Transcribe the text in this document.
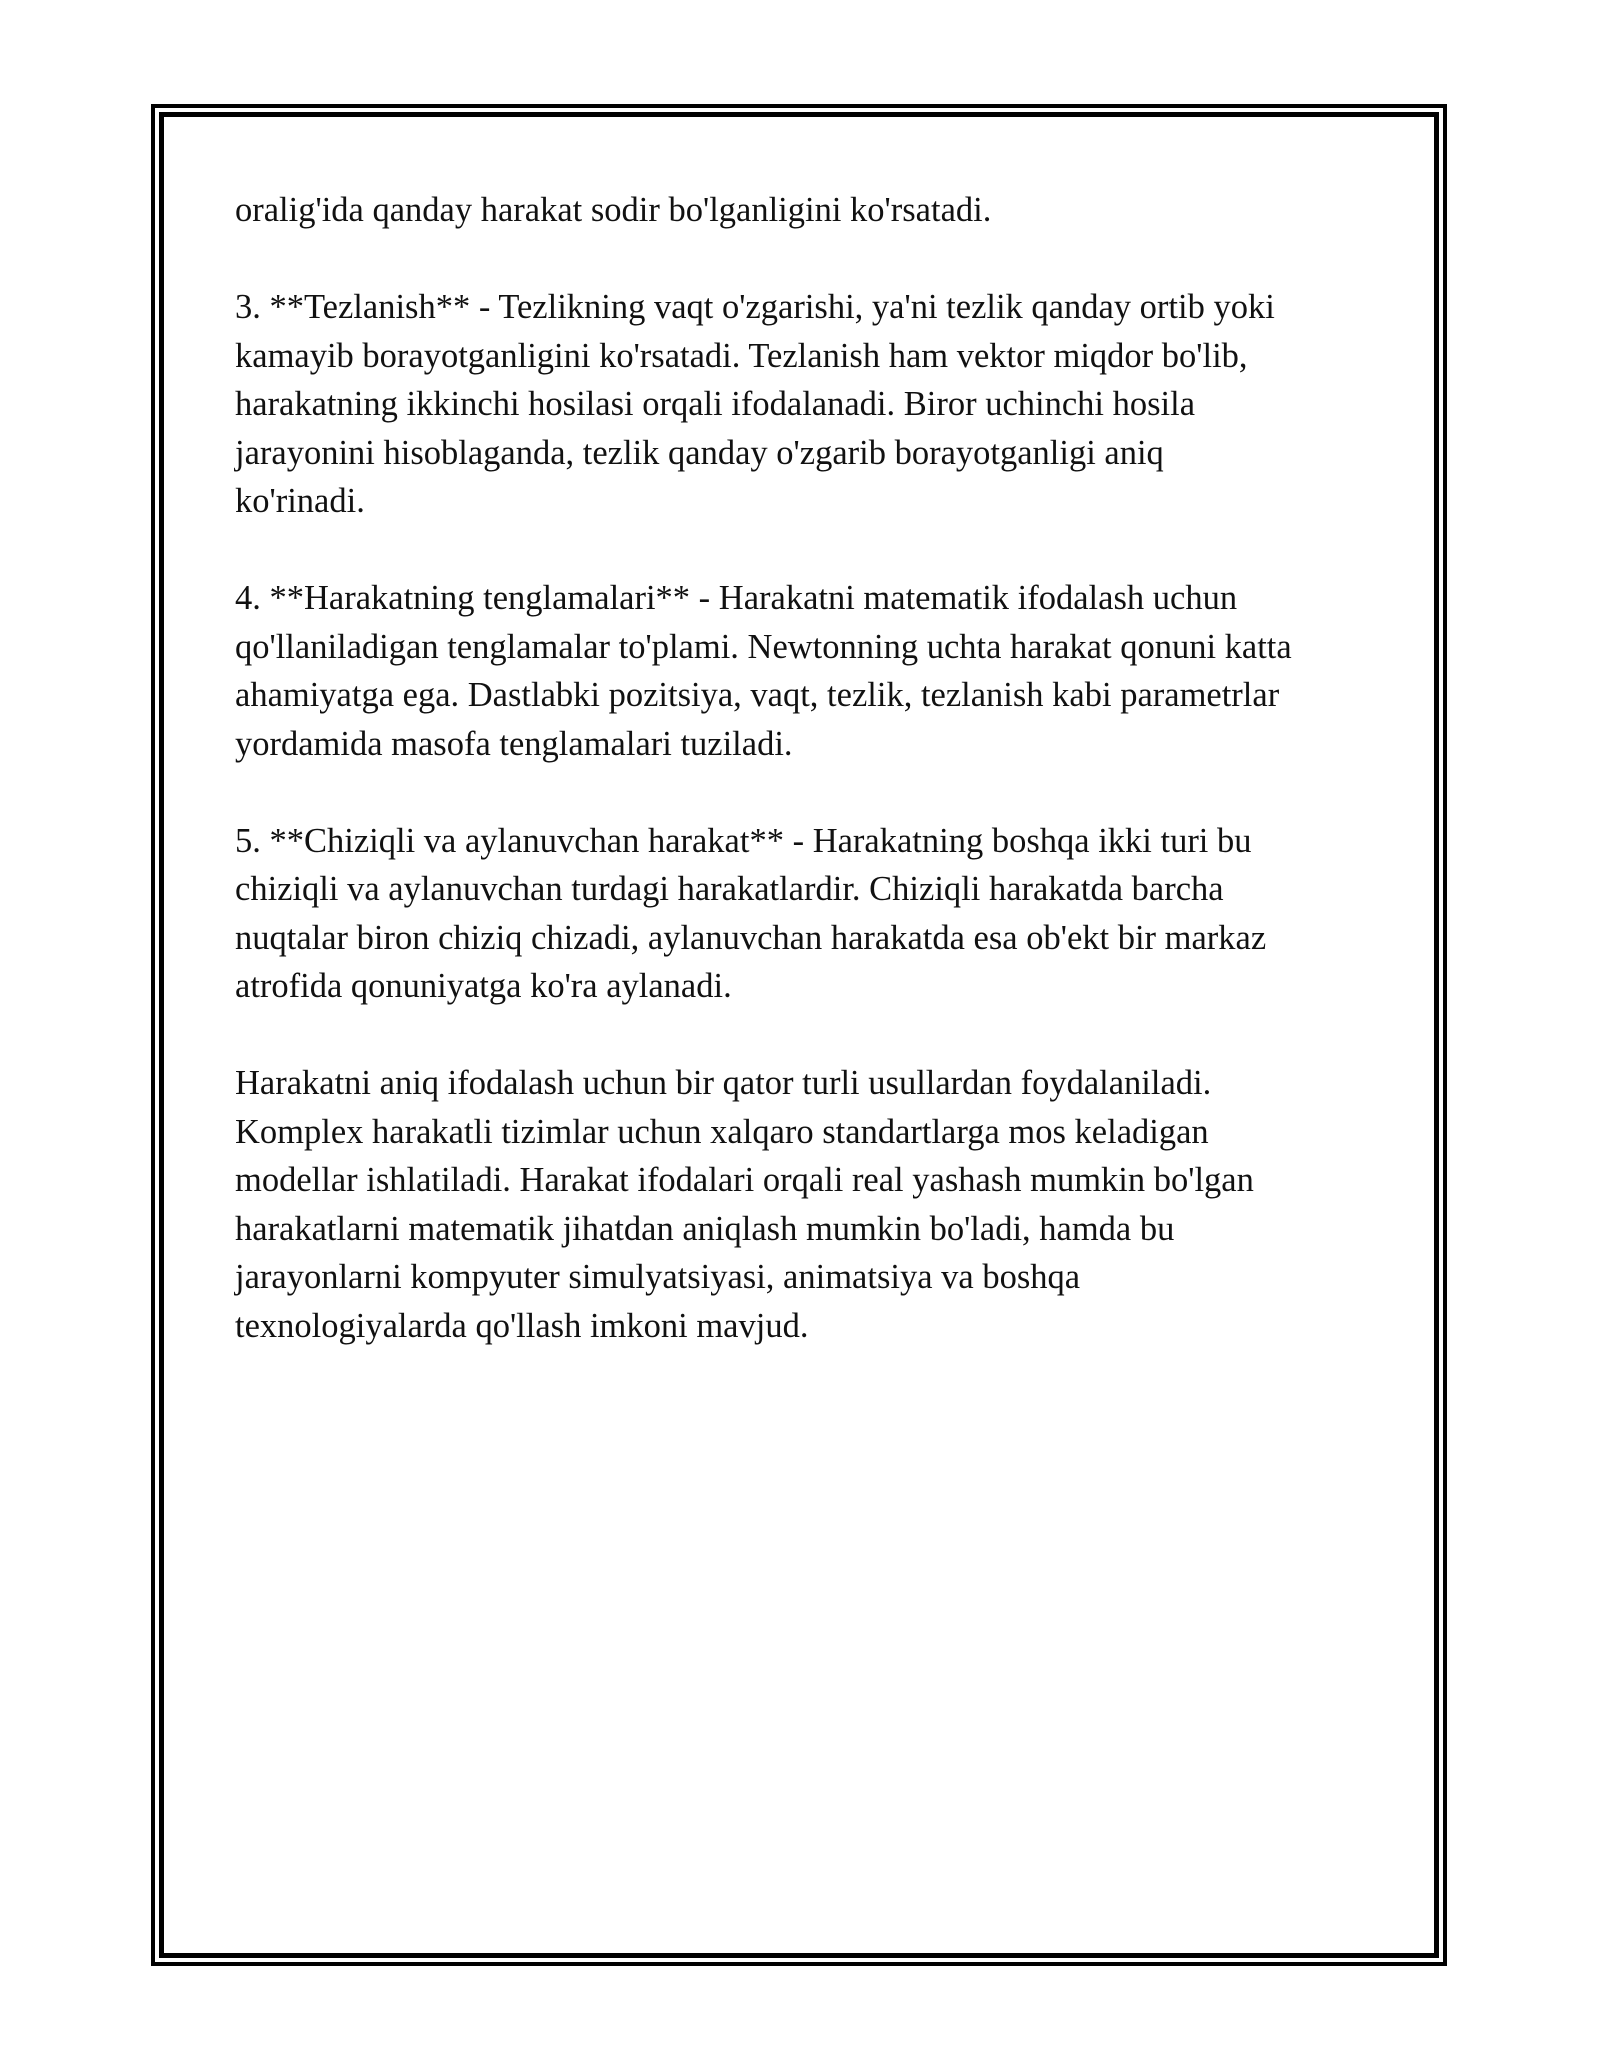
oralig'ida qanday harakat sodir bo'lganligini ko'rsatadi.

3. **Tezlanish** - Tezlikning vaqt o'zgarishi, ya'ni tezlik qanday ortib yoki
kamayib borayotganligini ko'rsatadi. Tezlanish ham vektor miqdor bo'lib,
harakatning ikkinchi hosilasi orqali ifodalanadi. Biror uchinchi hosila
jarayonini hisoblaganda, tezlik qanday o'zgarib borayotganligi aniq
ko'rinadi.

4. **Harakatning tenglamalari** - Harakatni matematik ifodalash uchun
qo'llaniladigan tenglamalar to'plami. Newtonning uchta harakat qonuni katta
ahamiyatga ega. Dastlabki pozitsiya, vaqt, tezlik, tezlanish kabi parametrlar
yordamida masofa tenglamalari tuziladi.

5. **Chiziqli va aylanuvchan harakat** - Harakatning boshqa ikki turi bu
chiziqli va aylanuvchan turdagi harakatlardir. Chiziqli harakatda barcha
nuqtalar biron chiziq chizadi, aylanuvchan harakatda esa ob'ekt bir markaz
atrofida qonuniyatga ko'ra aylanadi.

Harakatni aniq ifodalash uchun bir qator turli usullardan foydalaniladi.
Komplex harakatli tizimlar uchun xalqaro standartlarga mos keladigan
modellar ishlatiladi. Harakat ifodalari orqali real yashash mumkin bo'lgan
harakatlarni matematik jihatdan aniqlash mumkin bo'ladi, hamda bu
jarayonlarni kompyuter simulyatsiyasi, animatsiya va boshqa
texnologiyalarda qo'llash imkoni mavjud.
